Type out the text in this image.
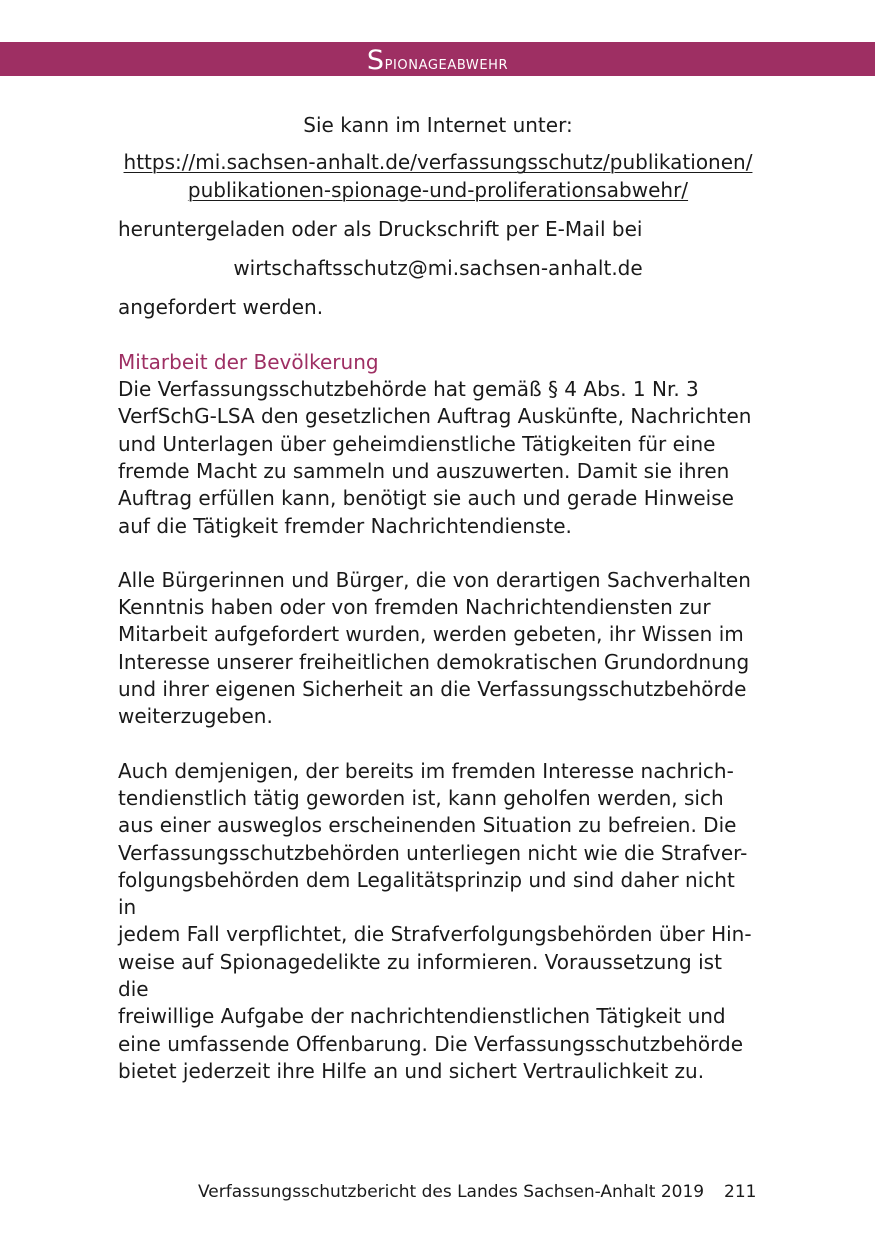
Spionageabwehr

Sie kann im Internet unter:

https://mi.sachsen-anhalt.de/verfassungsschutz/publikationen/
publikationen-spionage-und-proliferationsabwehr/

heruntergeladen oder als Druckschrift per E-Mail bei

wirtschaftsschutz@mi.sachsen-anhalt.de

angefordert werden.

Mitarbeit der Bevölkerung

Die Verfassungsschutzbehörde hat gemäß § 4 Abs. 1 Nr. 3
VerfSchG-LSA den gesetzlichen Auftrag Auskünfte, Nachrichten
und Unterlagen über geheimdienstliche Tätigkeiten für eine
fremde Macht zu sammeln und auszuwerten. Damit sie ihren
Auftrag erfüllen kann, benötigt sie auch und gerade Hinweise
auf die Tätigkeit fremder Nachrichtendienste.
Alle Bürgerinnen und Bürger, die von derartigen Sachverhalten
Kenntnis haben oder von fremden Nachrichtendiensten zur
Mitarbeit aufgefordert wurden, werden gebeten, ihr Wissen im
Interesse unserer freiheitlichen demokratischen Grundordnung
und ihrer eigenen Sicherheit an die Verfassungsschutzbehörde
weiterzugeben.
Auch demjenigen, der bereits im fremden Interesse nachrich-
tendienstlich tätig geworden ist, kann geholfen werden, sich
aus einer ausweglos erscheinenden Situation zu befreien. Die
Verfassungsschutzbehörden unterliegen nicht wie die Strafver-
folgungsbehörden dem Legalitätsprinzip und sind daher nicht in
jedem Fall verpflichtet, die Strafverfolgungsbehörden über Hin-
weise auf Spionagedelikte zu informieren. Voraussetzung ist die
freiwillige Aufgabe der nachrichtendienstlichen Tätigkeit und
eine umfassende Offenbarung. Die Verfassungsschutzbehörde
bietet jederzeit ihre Hilfe an und sichert Vertraulichkeit zu.
Verfassungsschutzbericht des Landes Sachsen-Anhalt 2019 211
